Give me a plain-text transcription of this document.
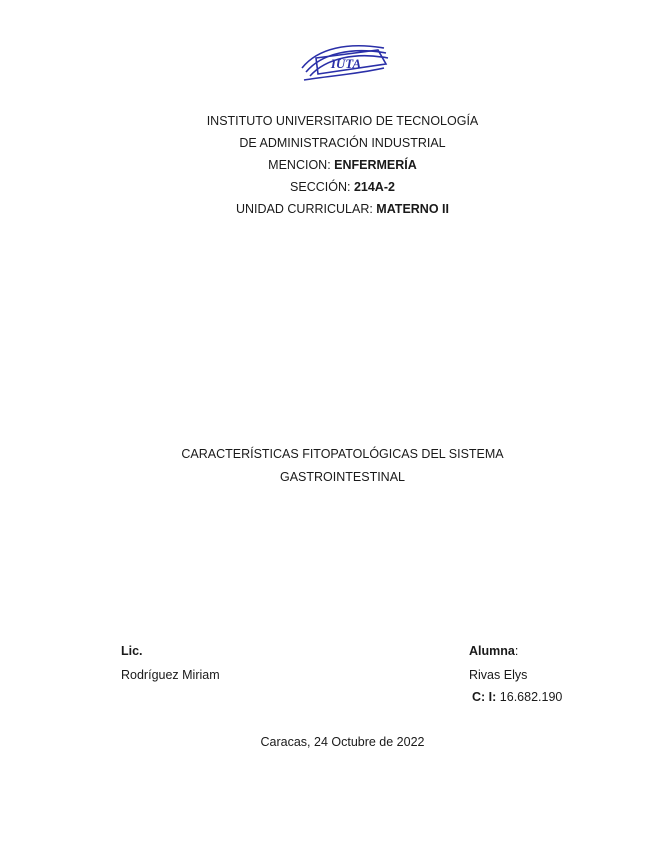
IUTA
INSTITUTO UNIVERSITARIO DE TECNOLOGÍA
DE ADMINISTRACIÓN INDUSTRIAL
MENCION: ENFERMERÍA
SECCIÓN: 214A-2
UNIDAD CURRICULAR: MATERNO II
CARACTERÍSTICAS FITOPATOLÓGICAS DEL SISTEMA
GASTROINTESTINAL
Lic.
Rodríguez Miriam
Alumna:
Rivas Elys
C: I: 16.682.190
Caracas, 24 Octubre de 2022
